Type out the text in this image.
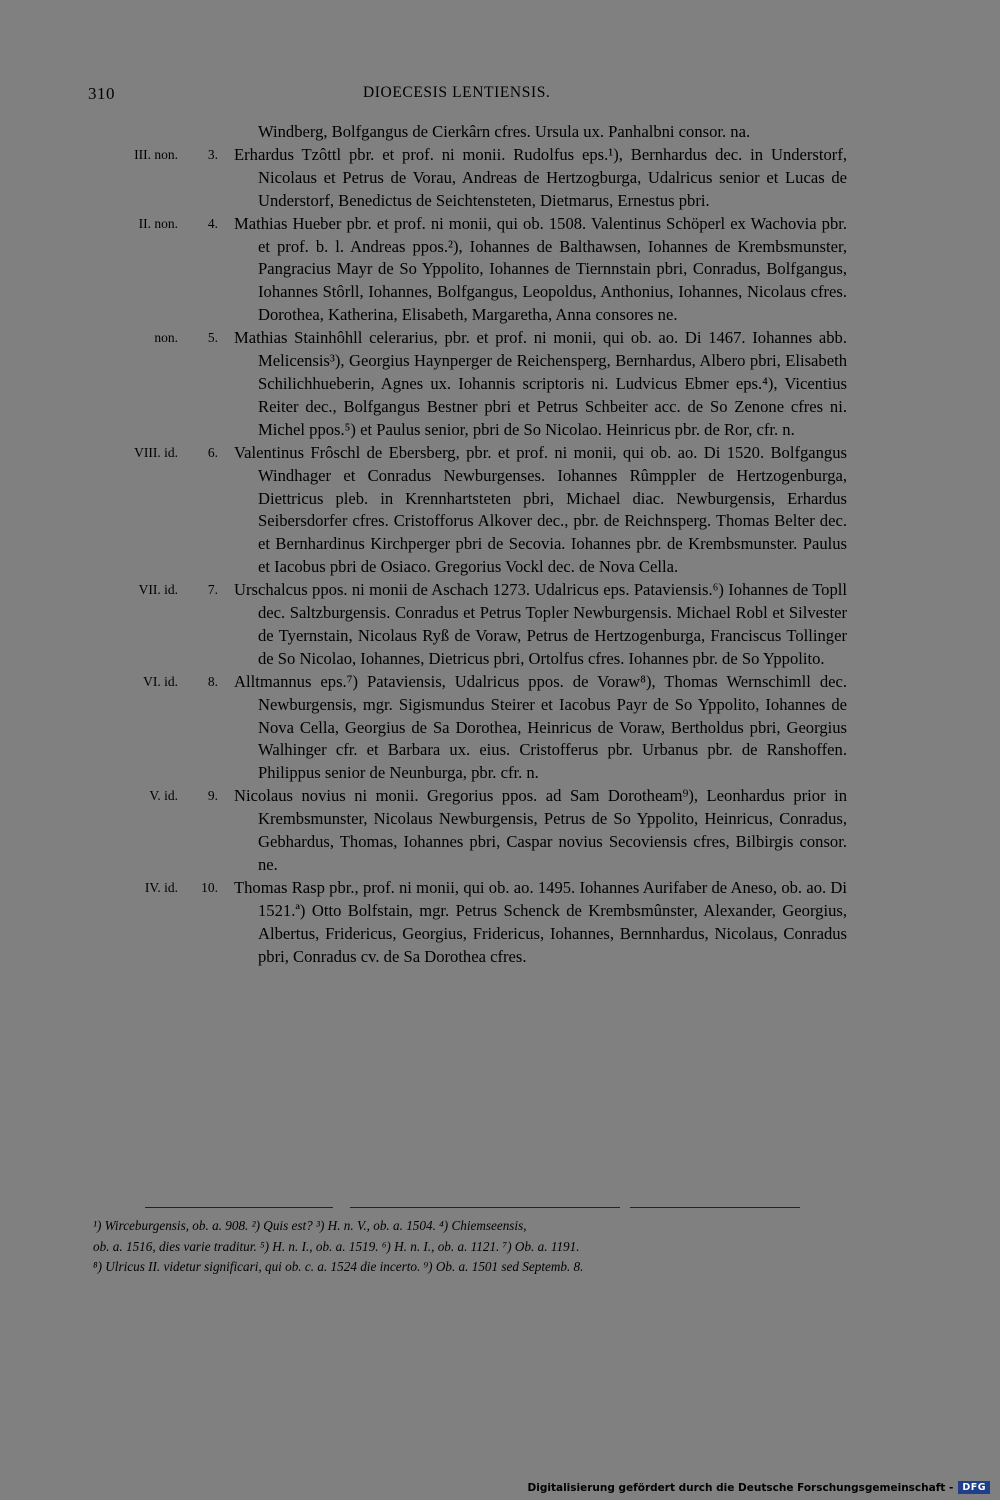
310	DIOECESIS LENTIENSIS.
Windberg, Bolfgangus de Cierkârn cfres. Ursula ux. Panhalbni consor. na.
III. non.	3. Erhardus Tzôttl pbr. et prof. ni monii. Rudolfus eps.¹), Bernhardus dec. in Understorf, Nicolaus et Petrus de Vorau, Andreas de Hertzogburga, Udalricus senior et Lucas de Understorf, Benedictus de Seichtensteten, Dietmarus, Ernestus pbri.
II. non.	4. Mathias Hueber pbr. et prof. ni monii, qui ob. 1508. Valentinus Schöperl ex Wachovia pbr. et prof. b. l. Andreas ppos.²), Iohannes de Balthawsen, Iohannes de Krembsmunster, Pangracius Mayr de So Yppolito, Iohannes de Tiernnstain pbri, Conradus, Bolfgangus, Iohannes Stôrll, Iohannes, Bolfgangus, Leopoldus, Anthonius, Iohannes, Nicolaus cfres. Dorothea, Katherina, Elisabeth, Margaretha, Anna consores ne.
non.	5. Mathias Stainhôhll celerarius, pbr. et prof. ni monii, qui ob. ao. Di 1467. Iohannes abb. Melicensis³), Georgius Haynperger de Reichensperg, Bernhardus, Albero pbri, Elisabeth Schilichhueberin, Agnes ux. Iohannis scriptoris ni. Ludvicus Ebmer eps.⁴), Vicentius Reiter dec., Bolfgangus Bestner pbri et Petrus Schbeiter acc. de So Zenone cfres ni. Michel ppos.⁵) et Paulus senior, pbri de So Nicolao. Heinricus pbr. de Ror, cfr. n.
VIII. id.	6. Valentinus Frôschl de Ebersberg, pbr. et prof. ni monii, qui ob. ao. Di 1520. Bolfgangus Windhager et Conradus Newburgenses. Iohannes Rûmppler de Hertzogenburga, Diettricus pleb. in Krennhartsteten pbri, Michael diac. Newburgensis, Erhardus Seibersdorfer cfres. Cristofforus Alkover dec., pbr. de Reichnsperg. Thomas Belter dec. et Bernhardinus Kirchperger pbri de Secovia. Iohannes pbr. de Krembsmunster. Paulus et Iacobus pbri de Osiaco. Gregorius Vockl dec. de Nova Cella.
VII. id.	7. Urschalcus ppos. ni monii de Aschach 1273. Udalricus eps. Pataviensis.⁶) Iohannes de Topll dec. Saltzburgensis. Conradus et Petrus Topler Newburgensis. Michael Robl et Silvester de Tyernstain, Nicolaus Ryß de Voraw, Petrus de Hertzogenburga, Franciscus Tollinger de So Nicolao, Iohannes, Dietricus pbri, Ortolfus cfres. Iohannes pbr. de So Yppolito.
VI. id.	8. Alltmannus eps.⁷) Pataviensis, Udalricus ppos. de Voraw⁸), Thomas Wernschimll dec. Newburgensis, mgr. Sigismundus Steirer et Iacobus Payr de So Yppolito, Iohannes de Nova Cella, Georgius de Sa Dorothea, Heinricus de Voraw, Bertholdus pbri, Georgius Walhinger cfr. et Barbara ux. eius. Cristofferus pbr. Urbanus pbr. de Ranshoffen. Philippus senior de Neunburga, pbr. cfr. n.
V. id.	9. Nicolaus novius ni monii. Gregorius ppos. ad Sam Dorotheam⁹), Leonhardus prior in Krembsmunster, Nicolaus Newburgensis, Petrus de So Yppolito, Heinricus, Conradus, Gebhardus, Thomas, Iohannes pbri, Caspar novius Secoviensis cfres, Bilbirgis consor. ne.
IV. id.	10. Thomas Rasp pbr., prof. ni monii, qui ob. ao. 1495. Iohannes Aurifaber de Aneso, ob. ao. Di 1521.ª) Otto Bolfstain, mgr. Petrus Schenck de Krembsmûnster, Alexander, Georgius, Albertus, Fridericus, Georgius, Fridericus, Iohannes, Bernnhardus, Nicolaus, Conradus pbri, Conradus cv. de Sa Dorothea cfres.
¹) Wirceburgensis, ob. a. 908. ²) Quis est? ³) H. n. V., ob. a. 1504. ⁴) Chiemseensis,
ob. a. 1516, dies varie traditur. ⁵) H. n. I., ob. a. 1519. ⁶) H. n. I., ob. a. 1121. ⁷) Ob. a. 1191.
⁸) Ulricus II. videtur significari, qui ob. c. a. 1524 die incerto. ⁹) Ob. a. 1501 sed Septemb. 8.
Digitalisierung gefördert durch die Deutsche Forschungsgemeinschaft - DFG
